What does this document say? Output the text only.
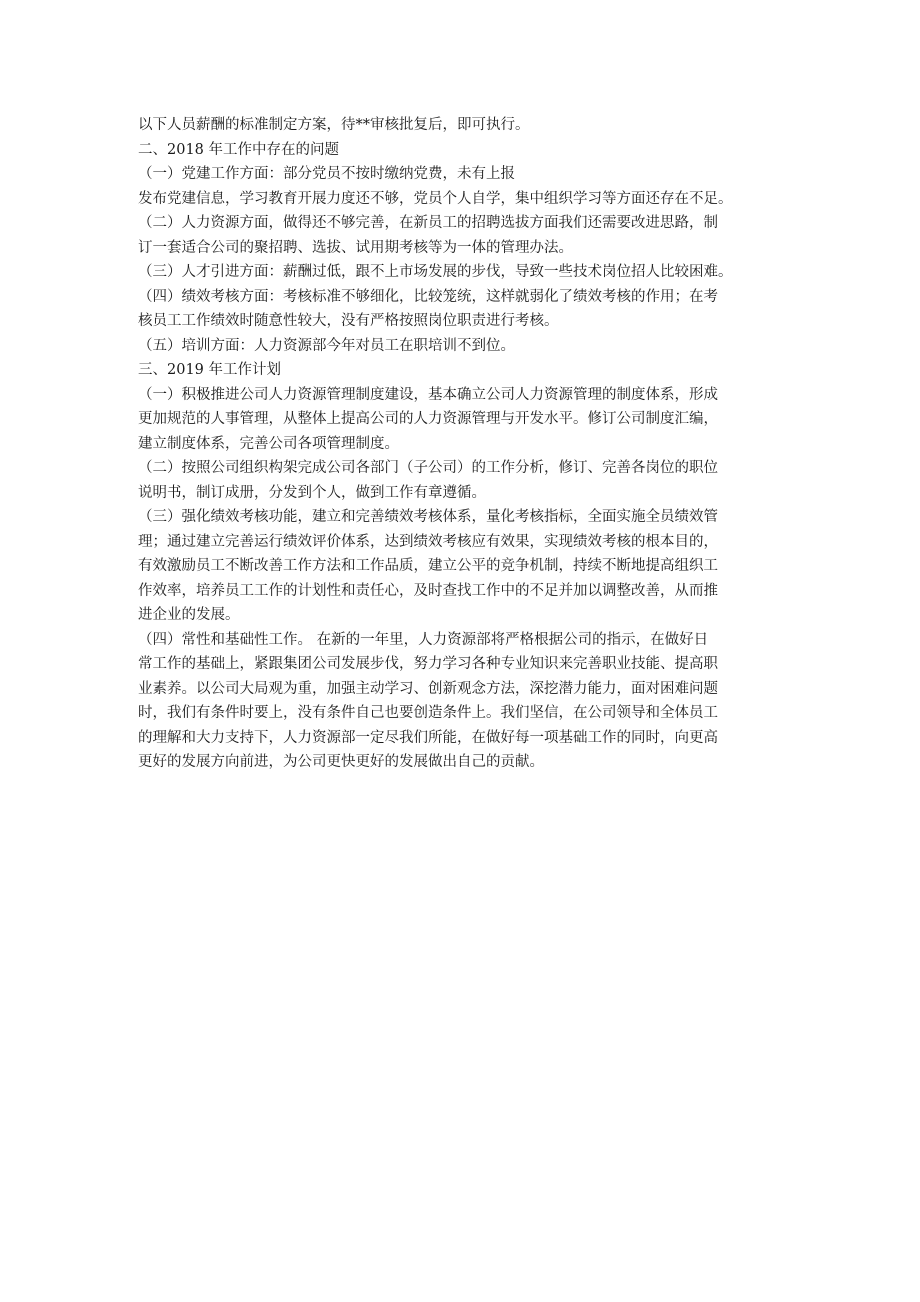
以下人员薪酬的标准制定方案，待**审核批复后，即可执行。
二、2018 年工作中存在的问题
（一）党建工作方面：部分党员不按时缴纳党费，未有上报
发布党建信息，学习教育开展力度还不够，党员个人自学，集中组织学习等方面还存在不足。
（二）人力资源方面，做得还不够完善，在新员工的招聘选拔方面我们还需要改进思路，制
订一套适合公司的聚招聘、选拔、试用期考核等为一体的管理办法。
（三）人才引进方面：薪酬过低，跟不上市场发展的步伐，导致一些技术岗位招人比较困难。
（四）绩效考核方面：考核标准不够细化，比较笼统，这样就弱化了绩效考核的作用；在考
核员工工作绩效时随意性较大，没有严格按照岗位职责进行考核。
（五）培训方面：人力资源部今年对员工在职培训不到位。
三、2019 年工作计划
（一）积极推进公司人力资源管理制度建设，基本确立公司人力资源管理的制度体系，形成
更加规范的人事管理，从整体上提高公司的人力资源管理与开发水平。修订公司制度汇编，
建立制度体系，完善公司各项管理制度。
（二）按照公司组织构架完成公司各部门（子公司）的工作分析，修订、完善各岗位的职位
说明书，制订成册，分发到个人，做到工作有章遵循。
（三）强化绩效考核功能，建立和完善绩效考核体系，量化考核指标，全面实施全员绩效管
理；通过建立完善运行绩效评价体系，达到绩效考核应有效果，实现绩效考核的根本目的，
有效激励员工不断改善工作方法和工作品质，建立公平的竞争机制，持续不断地提高组织工
作效率，培养员工工作的计划性和责任心，及时查找工作中的不足并加以调整改善，从而推
进企业的发展。
（四）常性和基础性工作。 在新的一年里，人力资源部将严格根据公司的指示，在做好日
常工作的基础上，紧跟集团公司发展步伐，努力学习各种专业知识来完善职业技能、提高职
业素养。以公司大局观为重，加强主动学习、创新观念方法，深挖潜力能力，面对困难问题
时，我们有条件时要上，没有条件自己也要创造条件上。我们坚信，在公司领导和全体员工
的理解和大力支持下，人力资源部一定尽我们所能，在做好每一项基础工作的同时，向更高
更好的发展方向前进，为公司更快更好的发展做出自己的贡献。
